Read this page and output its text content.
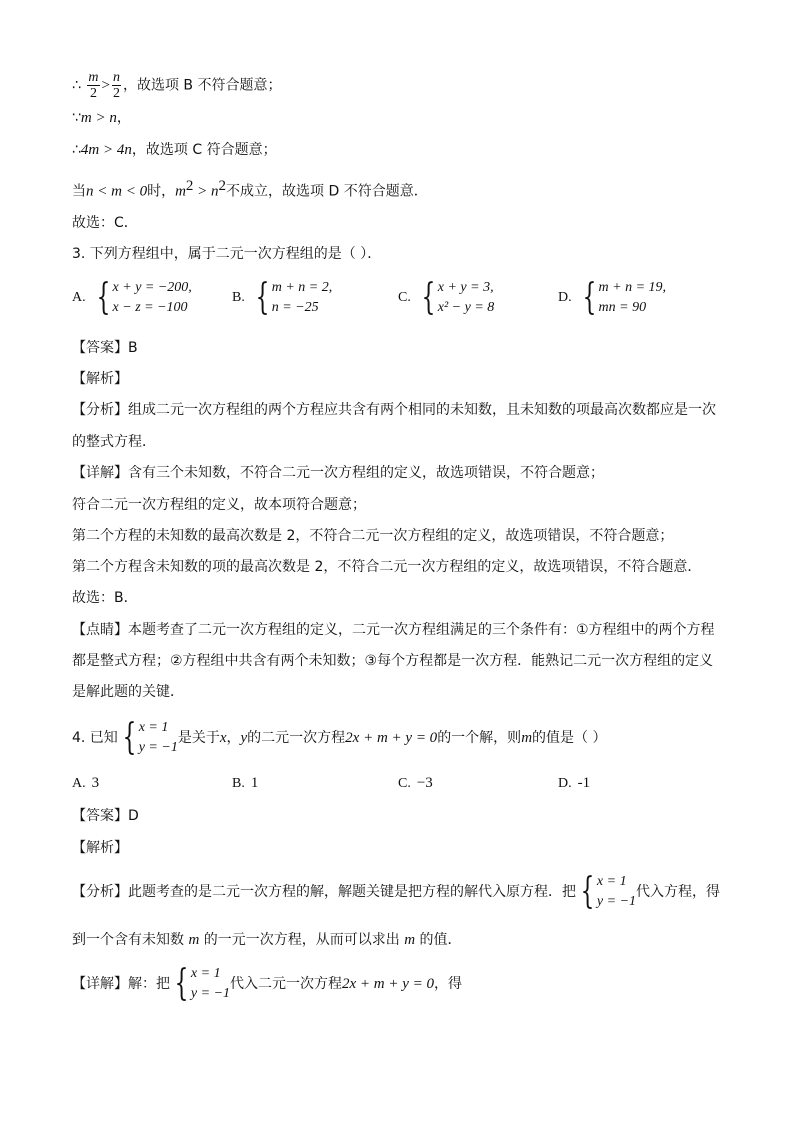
∴ $\frac{m}{2} > \frac{n}{2}$ ，故选项 B 不符合题意；
∵m > n，
∴4m > 4n，故选项 C 符合题意；
当n < m < 0时，$m^2 > n^2$不成立，故选项 D 不符合题意．
故选：C．
3. 下列方程组中，属于二元一次方程组的是（ ）．
A. { x + y = −200,
x − z = −100
B. { m + n = 2,
n = −25
C. { x + y = 3,
x² − y = 8
D. { m + n = 19,
mn = 90
【答案】B
【解析】
【分析】组成二元一次方程组的两个方程应共含有两个相同的未知数，且未知数的项最高次数都应是一次
的整式方程．
【详解】含有三个未知数，不符合二元一次方程组的定义，故选项错误，不符合题意；
符合二元一次方程组的定义，故本项符合题意；
第二个方程的未知数的最高次数是 2，不符合二元一次方程组的定义，故选项错误，不符合题意；
第二个方程含未知数的项的最高次数是 2，不符合二元一次方程组的定义，故选项错误，不符合题意．
故选：B．
【点睛】本题考查了二元一次方程组的定义，二元一次方程组满足的三个条件有：①方程组中的两个方程
都是整式方程；②方程组中共含有两个未知数；③每个方程都是一次方程．能熟记二元一次方程组的定义
是解此题的关键．
4. 已知 { x = 1
y = −1
是关于 x ， y 的二元一次方程 2x + m + y = 0 的一个解，则 m 的值是（ ）
A. 3	B. 1	C. −3	D. -1
【答案】D
【解析】
【分析】此题考查的是二元一次方程的解，解题关键是把方程的解代入原方程．把 { x = 1
y = −1
代入方程，得
到一个含有未知数 m 的一元一次方程，从而可以求出 m 的值．
【详解】解：把 { x = 1
y = −1
代入二元一次方程 2x + m + y = 0 ，得
